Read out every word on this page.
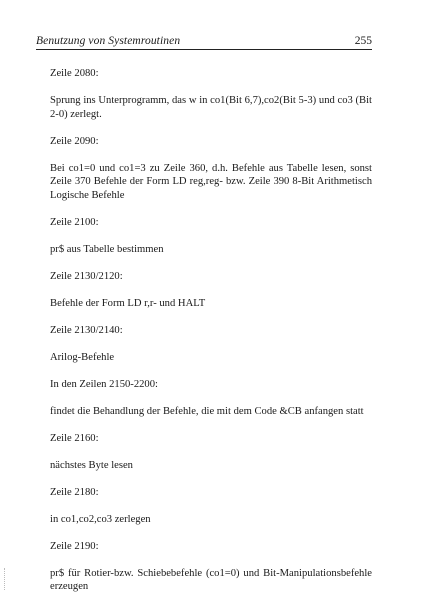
Benutzung von Systemroutinen	255

Zeile 2080:

Sprung ins Unterprogramm, das w in co1(Bit 6,7),co2(Bit 5-3) und co3 (Bit 2-0) zerlegt.

Zeile 2090:

Bei co1=0 und co1=3 zu Zeile 360, d.h. Befehle aus Tabelle lesen, sonst Zeile 370 Befehle der Form LD reg,reg- bzw. Zeile 390 8-Bit Arithmetisch Logische Befehle

Zeile 2100:

pr$ aus Tabelle bestimmen

Zeile 2130/2120:

Befehle der Form LD r,r- und HALT

Zeile 2130/2140:

Arilog-Befehle

In den Zeilen 2150-2200:

findet die Behandlung der Befehle, die mit dem Code &CB anfangen statt

Zeile 2160:

nächstes Byte lesen

Zeile 2180:

in co1,co2,co3 zerlegen

Zeile 2190:

pr$ für Rotier-bzw. Schiebebefehle (co1=0) und Bit-Manipulationsbefehle erzeugen
